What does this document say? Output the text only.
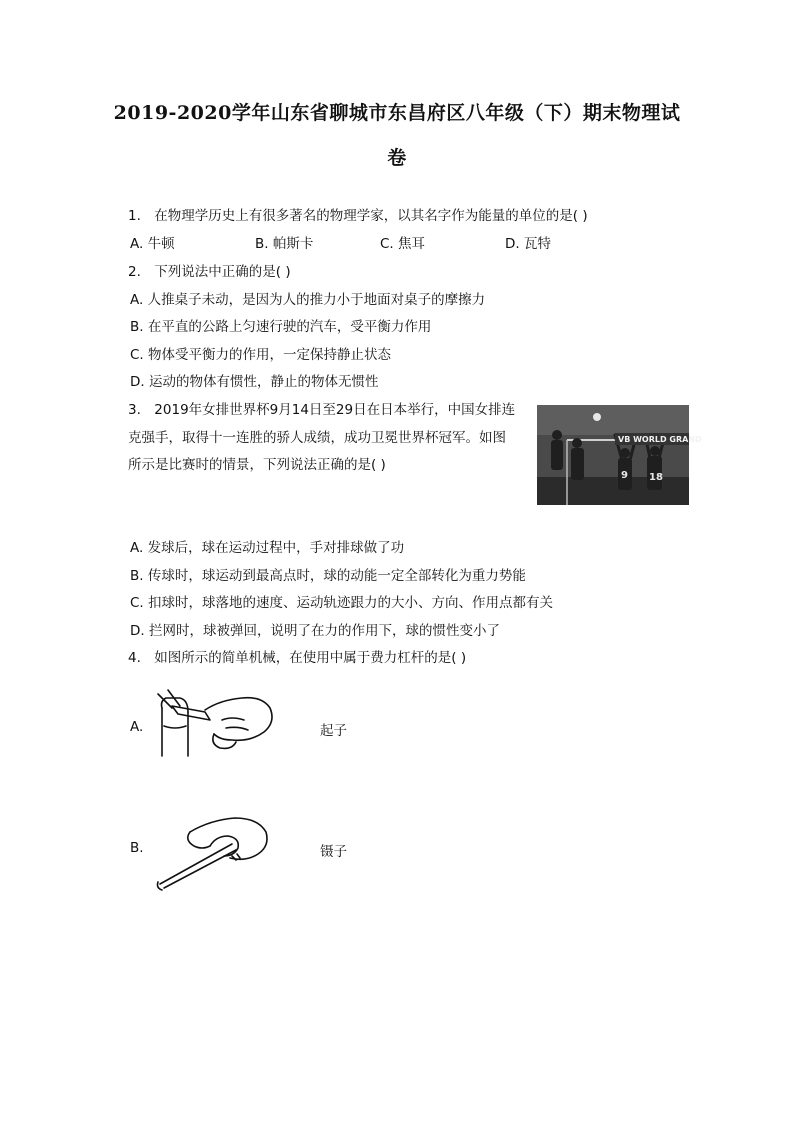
2019-2020学年山东省聊城市东昌府区八年级（下）期末物理试
卷
1. 在物理学历史上有很多著名的物理学家，以其名字作为能量的单位的是( )
A. 牛顿	B. 帕斯卡	C. 焦耳	D. 瓦特
2. 下列说法中正确的是( )
A. 人推桌子未动，是因为人的推力小于地面对桌子的摩擦力
B. 在平直的公路上匀速行驶的汽车，受平衡力作用
C. 物体受平衡力的作用，一定保持静止状态
D. 运动的物体有惯性，静止的物体无惯性
3. 2019年女排世界杯9月14日至29日在日本举行，中国女排连
克强手，取得十一连胜的骄人成绩，成功卫冕世界杯冠军。如图
所示是比赛时的情景，下列说法正确的是( )
VB WORLD GRAND
9 18
A. 发球后，球在运动过程中，手对排球做了功
B. 传球时，球运动到最高点时，球的动能一定全部转化为重力势能
C. 扣球时，球落地的速度、运动轨迹跟力的大小、方向、作用点都有关
D. 拦网时，球被弹回，说明了在力的作用下，球的惯性变小了
4. 如图所示的简单机械，在使用中属于费力杠杆的是( )
A.	起子
B.	镊子
